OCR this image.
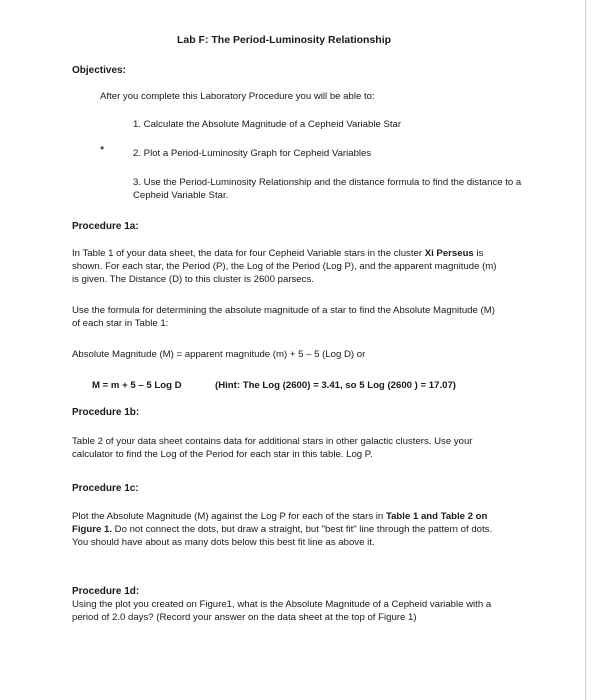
Lab F: The Period-Luminosity Relationship
Objectives:
After you complete this Laboratory Procedure you will be able to:
1. Calculate the Absolute Magnitude of a Cepheid Variable Star
•	2. Plot a Period-Luminosity Graph for Cepheid Variables
3. Use the Period-Luminosity Relationship and the distance formula to find the distance to a Cepheid Variable Star.
Procedure 1a:
In Table 1 of your data sheet, the data for four Cepheid Variable stars in the cluster Xi Perseus is shown. For each star, the Period (P), the Log of the Period (Log P), and the apparent magnitude (m) is given. The Distance (D) to this cluster is 2600 parsecs.
Use the formula for determining the absolute magnitude of a star to find the Absolute Magnitude (M) of each star in Table 1:
Absolute Magnitude (M) = apparent magnitude (m) + 5 – 5 (Log D) or
M = m + 5 – 5 Log D	(Hint: The Log (2600) = 3.41, so 5 Log (2600 ) = 17.07)
Procedure 1b:
Table 2 of your data sheet contains data for additional stars in other galactic clusters. Use your calculator to find the Log of the Period for each star in this table. Log P.
Procedure 1c:
Plot the Absolute Magnitude (M) against the Log P for each of the stars in Table 1 and Table 2 on Figure 1. Do not connect the dots, but draw a straight, but "best fit" line through the pattern of dots. You should have about as many dots below this best fit line as above it.
Procedure 1d:
Using the plot you created on Figure1, what is the Absolute Magnitude of a Cepheid variable with a period of 2.0 days? (Record your answer on the data sheet at the top of Figure 1)
